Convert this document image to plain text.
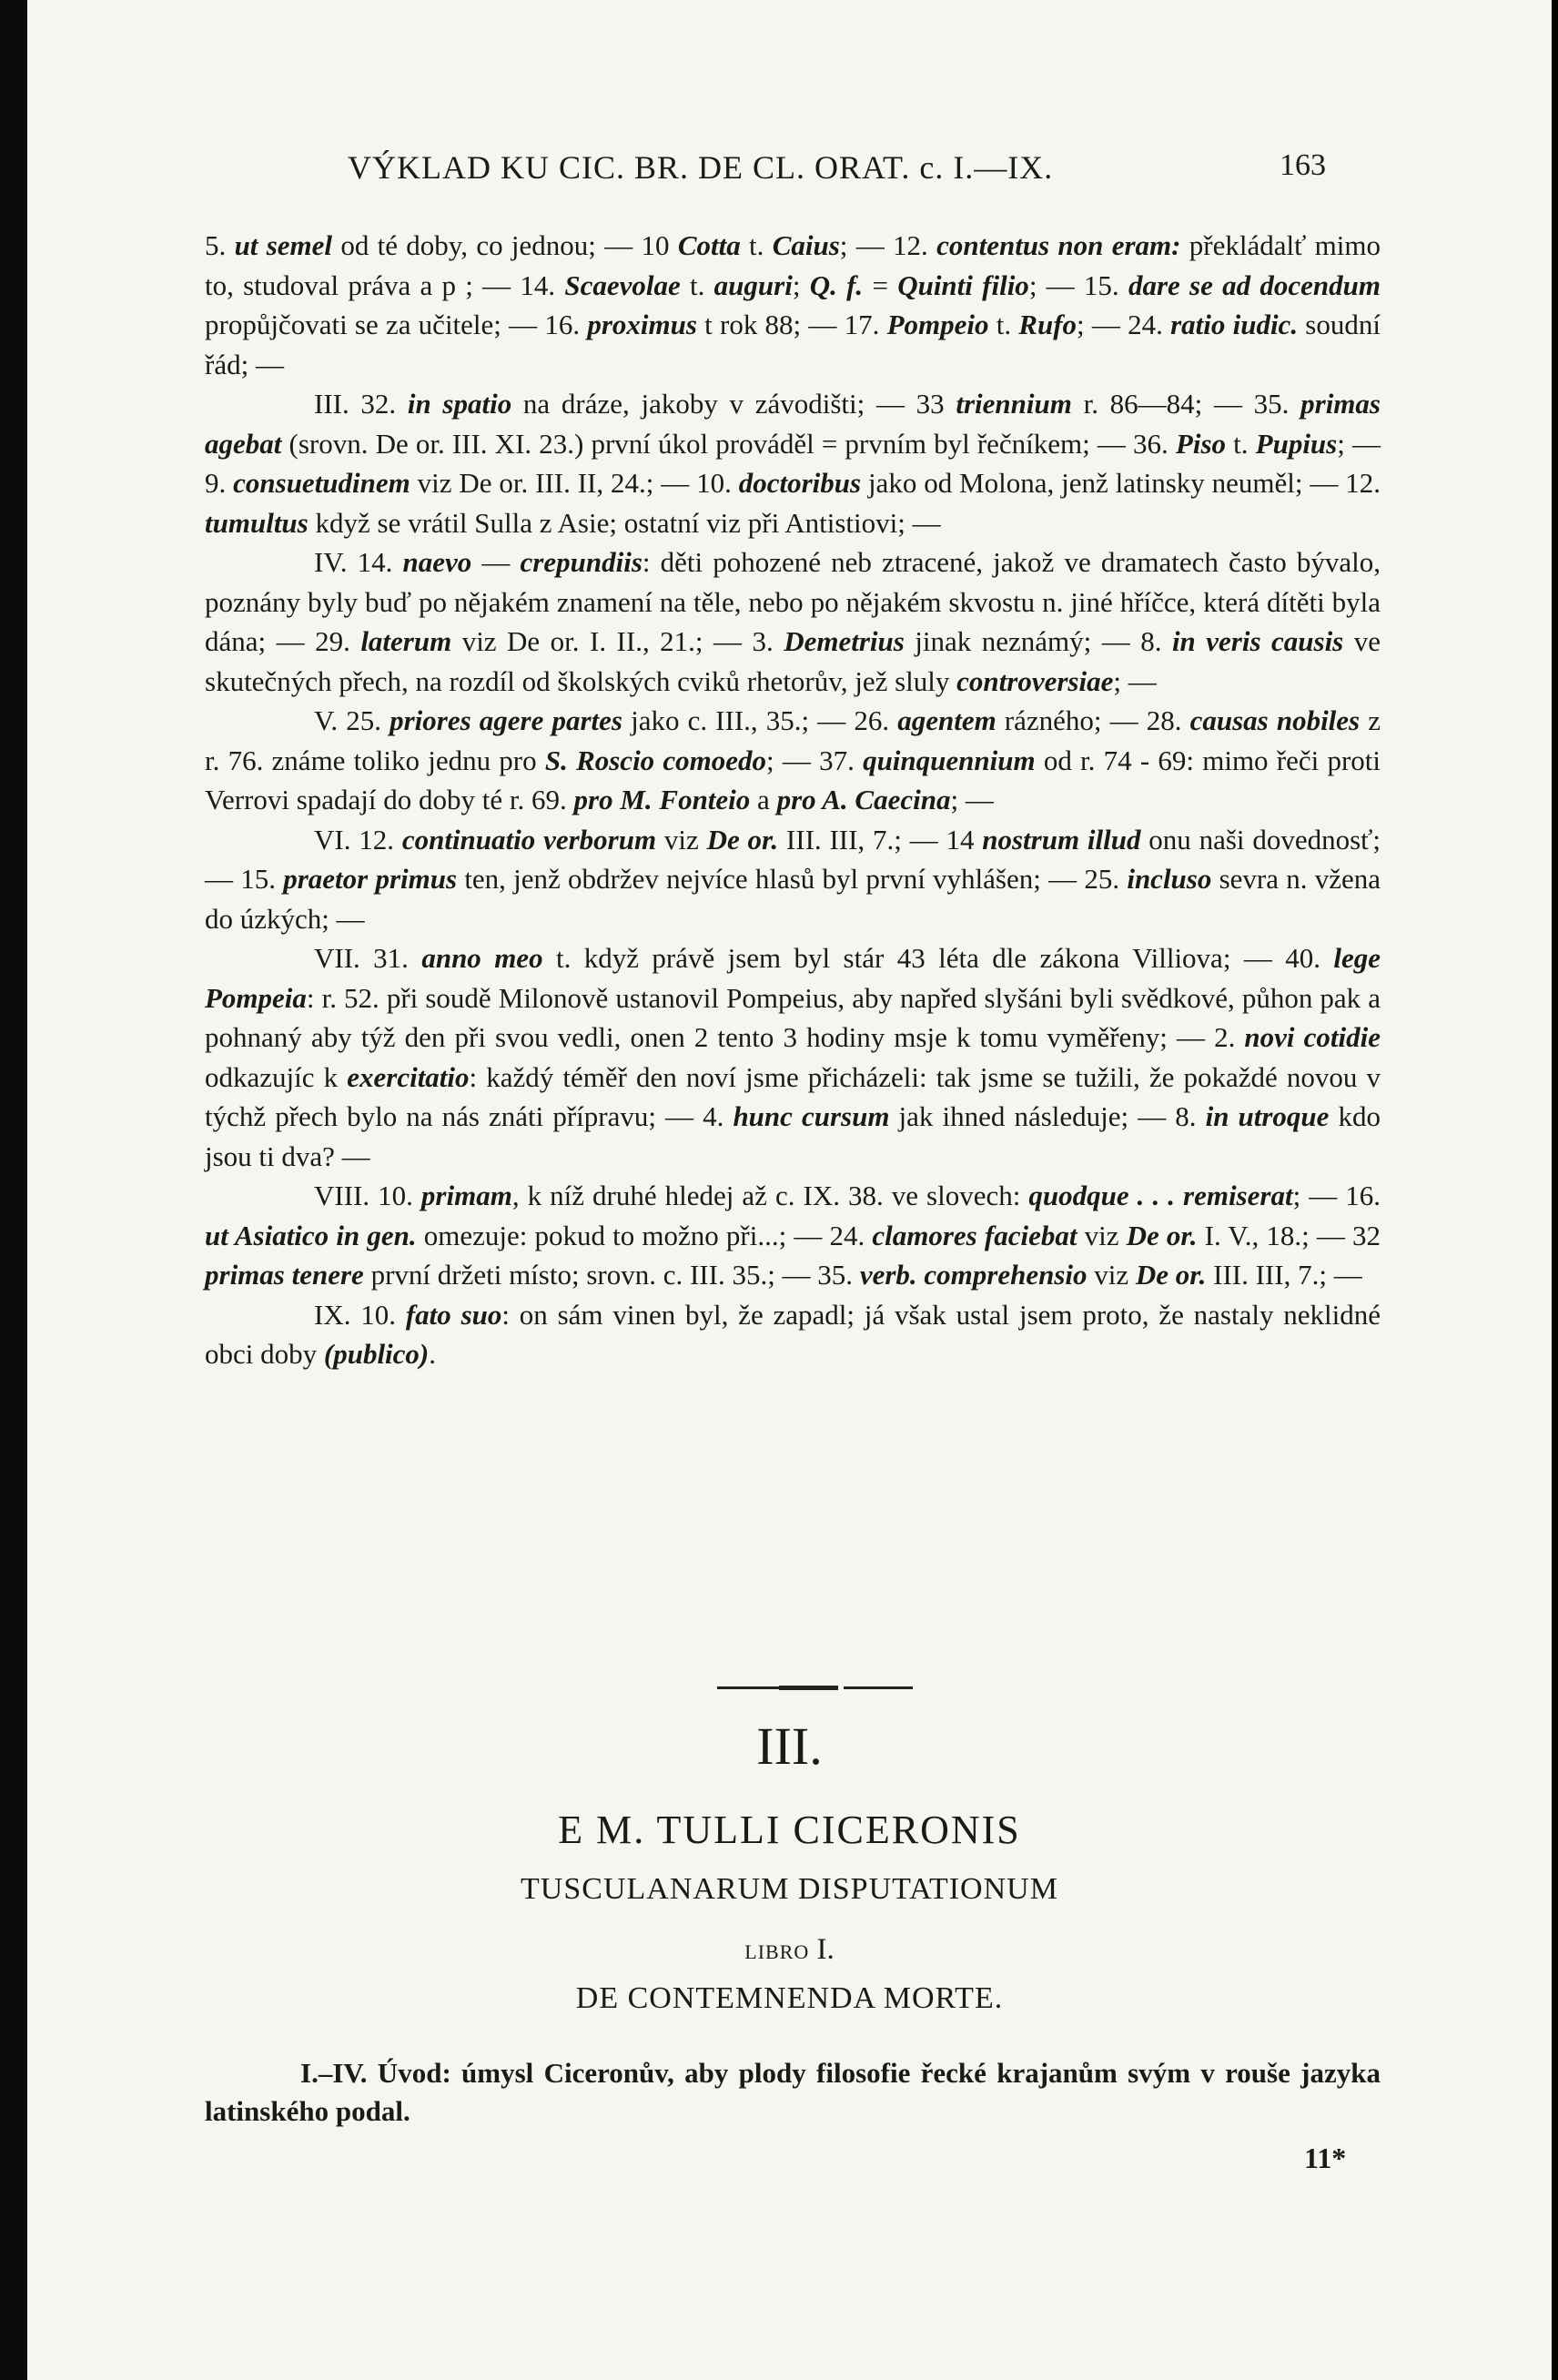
VÝKLAD KU CIC. BR. DE CL. ORAT. c. I.—IX.	163

5. ut semel od té doby, co jednou; — 10 Cotta t. Caius; — 12. contentus non eram: překládalť mimo to, studoval práva a p ; — 14. Scaevolae t. auguri; Q. f. = Quinti filio; — 15. dare se ad docendum propůjčovati se za učitele; — 16. proximus t rok 88; — 17. Pompeio t. Rufo; — 24. ratio iudic. soudní řád; —

III. 32. in spatio na dráze, jakoby v závodišti; — 33 triennium r. 86—84; — 35. primas agebat (srovn. De or. III. XI. 23.) první úkol prováděl = prvním byl řečníkem; — 36. Piso t. Pupius; — 9. consuetudinem viz De or. III. II, 24.; — 10. doctoribus jako od Molona, jenž latinsky neuměl; — 12. tumultus když se vrátil Sulla z Asie; ostatní viz při Antistiovi; —

IV. 14. naevo — crepundiis: děti pohozené neb ztracené, jakož ve dramatech často bývalo, poznány byly buď po nějakém znamení na těle, nebo po nějakém skvostu n. jiné hříčce, která dítěti byla dána; — 29. laterum viz De or. I. II., 21.; — 3. Demetrius jinak neznámý; — 8. in veris causis ve skutečných přech, na rozdíl od školských cviků rhetorův, jež sluly controversiae; —

V. 25. priores agere partes jako c. III., 35.; — 26. agentem rázného; — 28. causas nobiles z r. 76. známe toliko jednu pro S. Roscio comoedo; — 37. quinquennium od r. 74 - 69: mimo řeči proti Verrovi spadají do doby té r. 69. pro M. Fonteio a pro A. Caecina; —

VI. 12. continuatio verborum viz De or. III. III, 7.; — 14 nostrum illud onu naši dovednosť; — 15. praetor primus ten, jenž obdržev nejvíce hlasů byl první vyhlášen; — 25. incluso sevra n. vžena do úzkých; —

VII. 31. anno meo t. když právě jsem byl stár 43 léta dle zákona Villiova; — 40. lege Pompeia: r. 52. při soudě Milonově ustanovil Pompeius, aby napřed slyšáni byli svědkové, půhon pak a pohnaný aby týž den při svou vedli, onen 2 tento 3 hodiny msje k tomu vyměřeny; — 2. novi cotidie odkazujíc k exercitatio: každý téměř den noví jsme přicházeli: tak jsme se tužili, že pokaždé novou v týchž přech bylo na nás znáti přípravu; — 4. hunc cursum jak ihned následuje; — 8. in utroque kdo jsou ti dva? —

VIII. 10. primam, k níž druhé hledej až c. IX. 38. ve slovech: quodque . . . remiserat; — 16. ut Asiatico in gen. omezuje: pokud to možno při...; — 24. clamores faciebat viz De or. I. V., 18.; — 32 primas tenere první držeti místo; srovn. c. III. 35.; — 35. verb. comprehensio viz De or. III. III, 7.; —

IX. 10. fato suo: on sám vinen byl, že zapadl; já však ustal jsem proto, že nastaly neklidné obci doby (publico).

III.
E M. TULLI CICERONIS
TUSCULANARUM DISPUTATIONUM
LIBRO I.
DE CONTEMNENDA MORTE.

I.–IV. Úvod: úmysl Ciceronův, aby plody filosofie řecké krajanům svým v rouše jazyka latinského podal.

11*
